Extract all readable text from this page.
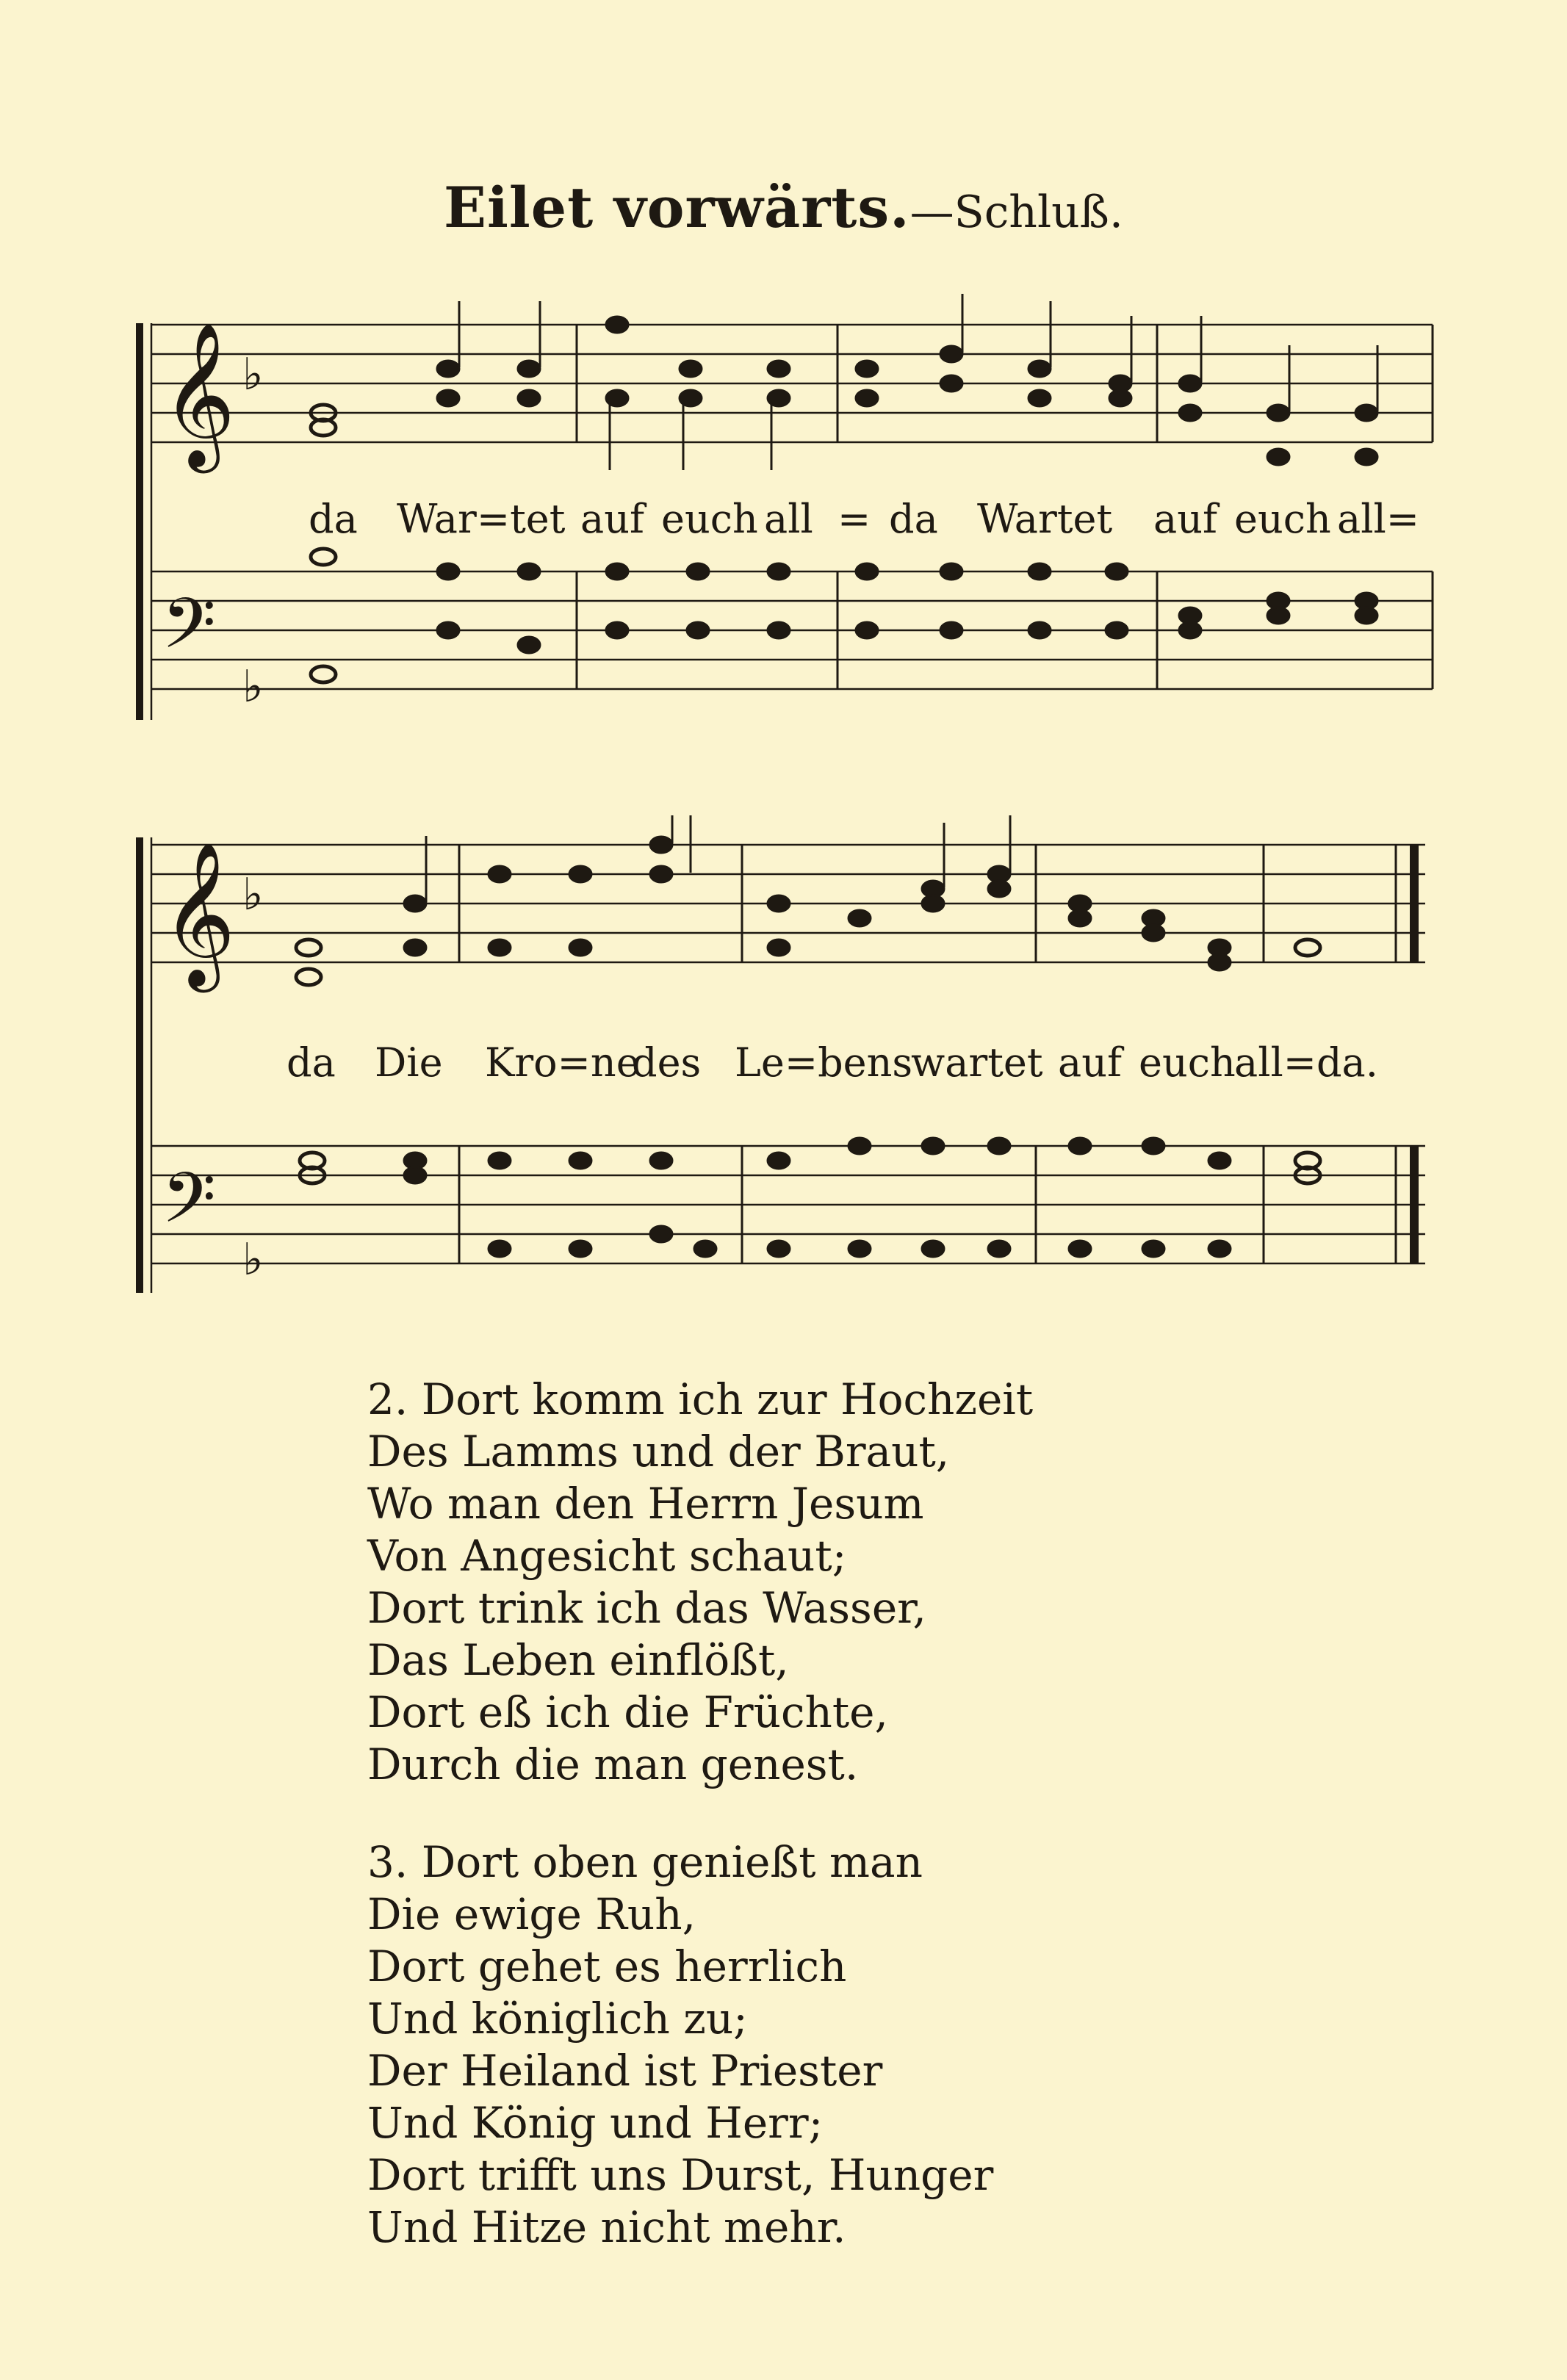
Eilet vorwärts.—Schluß.
𝄞
𝄢
♭
♭
da War=tet auf euch all = da Wartet auf euch all=
𝄞
𝄢
♭
♭
da Die Kro=ne
des Le=bens
wartet auf euch
all=da.
2. Dort komm ich zur Hochzeit
Des Lamms und der Braut,
Wo man den Herrn Jesum
Von Angesicht schaut;
Dort trink ich das Wasser,
Das Leben einflößt,
Dort eß ich die Früchte,
Durch die man genest.
3. Dort oben genießt man
Die ewige Ruh,
Dort gehet es herrlich
Und königlich zu;
Der Heiland ist Priester
Und König und Herr;
Dort trifft uns Durst, Hunger
Und Hitze nicht mehr.
